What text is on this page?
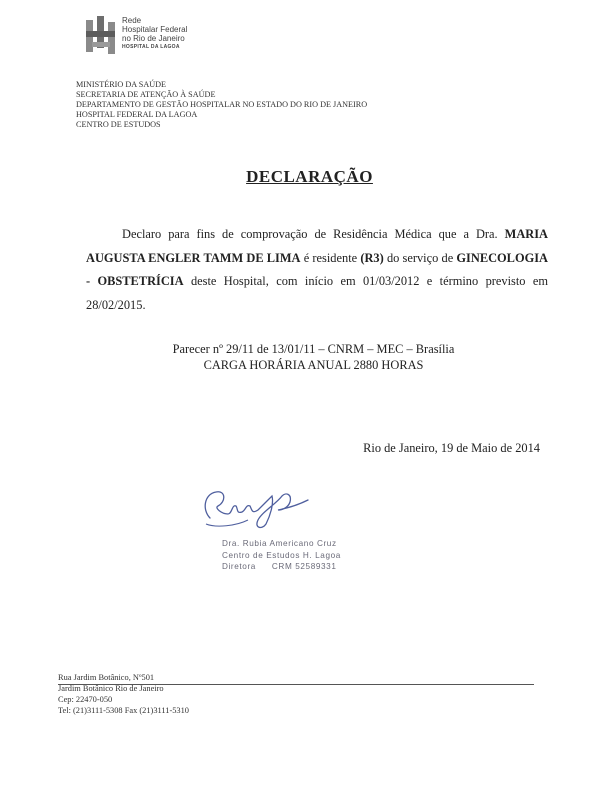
Rede
Hospitalar Federal
no Rio de Janeiro
HOSPITAL DA LAGOA
MINISTÉRIO DA SAÚDE
SECRETARIA DE ATENÇÃO À SAÚDE
DEPARTAMENTO DE GESTÃO HOSPITALAR NO ESTADO DO RIO DE JANEIRO
HOSPITAL FEDERAL DA LAGOA
CENTRO DE ESTUDOS
DECLARAÇÃO

Declaro para fins de comprovação de Residência Médica que a Dra. MARIA AUGUSTA ENGLER TAMM DE LIMA é residente (R3) do serviço de GINECOLOGIA - OBSTETRÍCIA deste Hospital, com início em 01/03/2012 e término previsto em 28/02/2015.

Parecer nº 29/11 de 13/01/11 – CNRM – MEC – Brasília
CARGA HORÁRIA ANUAL 2880 HORAS
Rio de Janeiro, 19 de Maio de 2014
Dra. Rubia Americano Cruz
Centro de Estudos H. Lagoa
Diretora CRM 52589331
Rua Jardim Botânico, Nº501
Jardim Botânico Rio de Janeiro
Cep: 22470-050
Tel: (21)3111-5308 Fax (21)3111-5310
